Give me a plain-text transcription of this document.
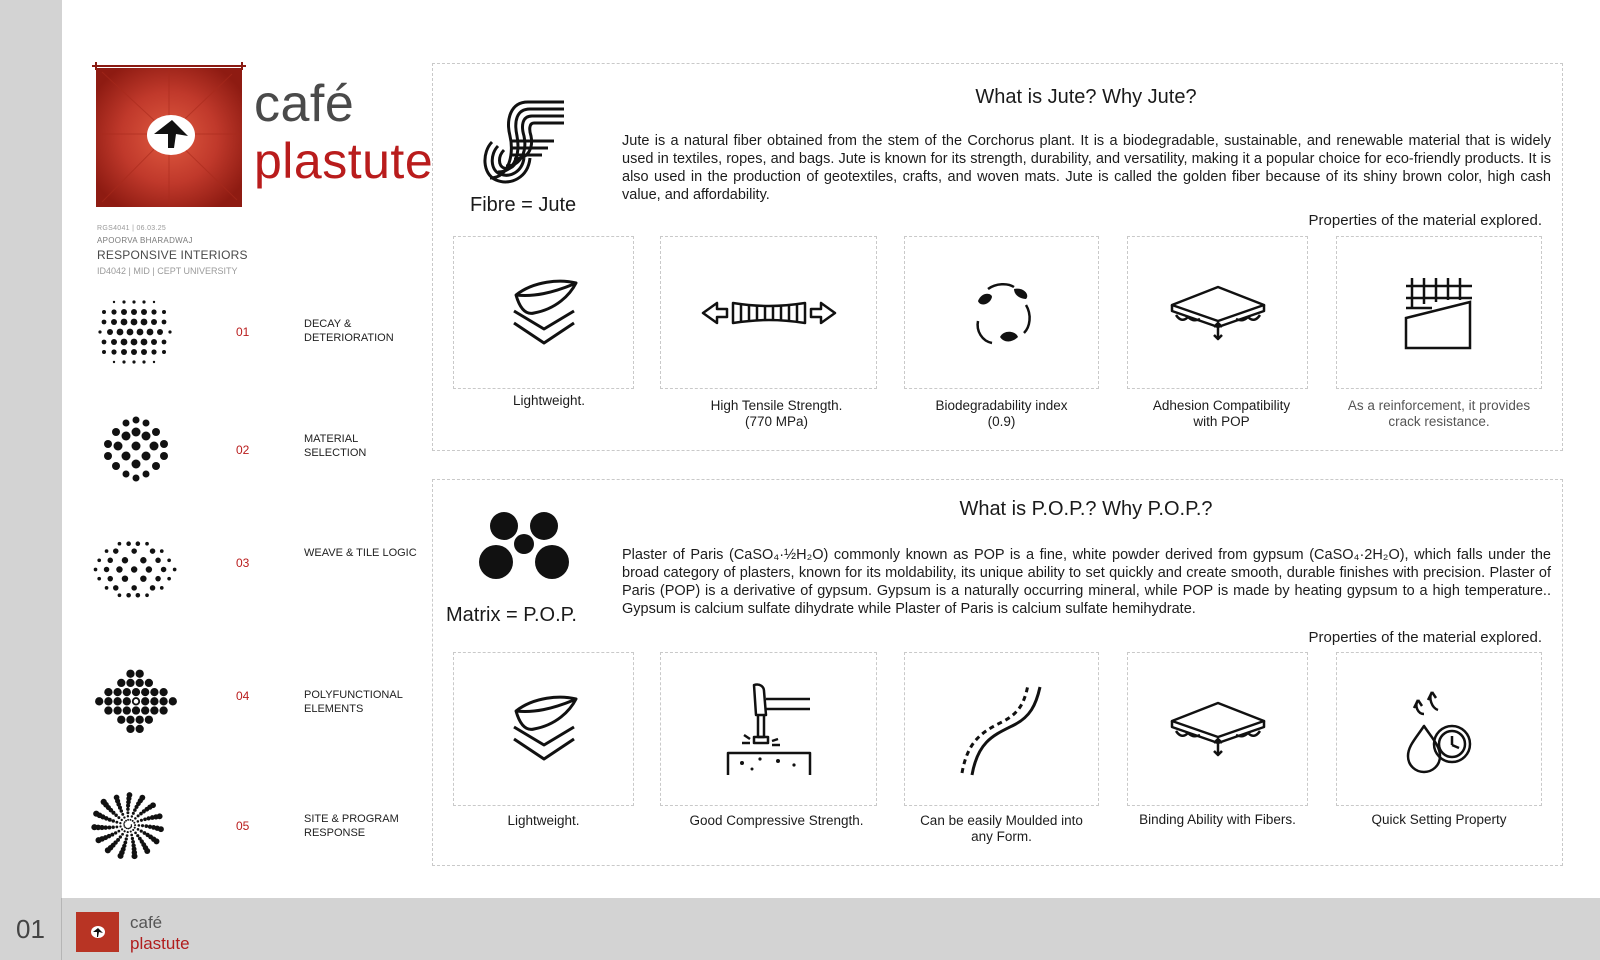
café
plastute
RGS4041 | 06.03.25
APOORVA BHARADWAJ
RESPONSIVE INTERIORS
ID4042 | MID | CEPT UNIVERSITY
01
DECAY &
DETERIORATION
02
MATERIAL SELECTION
03
WEAVE & TILE LOGIC
04	POLYFUNCTIONAL
ELEMENTS
05	SITE & PROGRAM
RESPONSE
Fibre = Jute
What is Jute? Why Jute?
Jute is a natural fiber obtained from the stem of the Corchorus plant. It is a biodegradable, sustainable, and renewable material that is widely used in textiles, ropes, and bags. Jute is known for its strength, durability, and versatility, making it a popular choice for eco-friendly products. It is also used in the production of geotextiles, crafts, and woven mats. Jute is called the golden fiber because of its shiny brown color, high cash value, and affordability.
Properties of the material explored.
Lightweight.	High Tensile Strength.
(770 MPa)
Biodegradability index
(0.9)
Adhesion Compatibility
with POP
As a reinforcement, it provides
crack resistance.
Matrix = P.O.P.
What is P.O.P.? Why P.O.P.?
Plaster of Paris (CaSO₄·½H₂O) commonly known as POP is a fine, white powder derived from gypsum (CaSO₄·2H₂O), which falls under the broad category of plasters, known for its moldability, its unique ability to set quickly and create smooth, durable finishes with precision. Plaster of Paris (POP) is a derivative of gypsum. Gypsum is a naturally occurring mineral, while POP is made by heating gypsum to a high temperature.. Gypsum is calcium sulfate dihydrate while Plaster of Paris is calcium sulfate hemihydrate.
Properties of the material explored.
Lightweight.	Good Compressive Strength.	Can be easily Moulded into
any Form.
Binding Ability with Fibers.	Quick Setting Property
01	café
plastute
